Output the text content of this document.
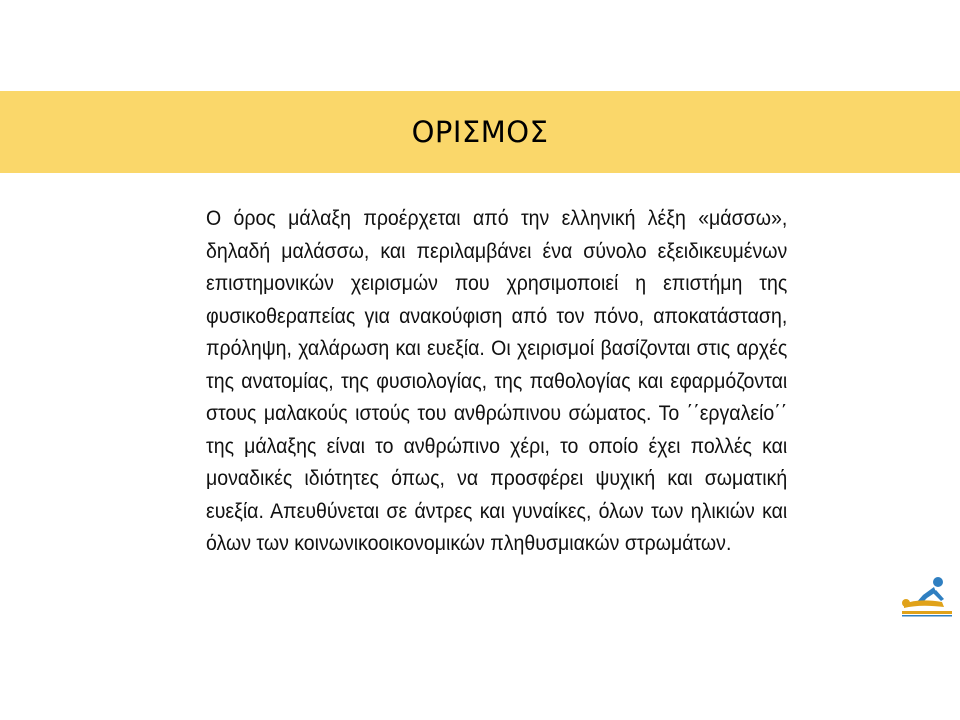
ΟΡΙΣΜΟΣ

Ο όρος μάλαξη προέρχεται από την ελληνική λέξη «μάσσω», δηλαδή μαλάσσω, και περιλαμβάνει ένα σύνολο εξειδικευμένων επιστημονικών χειρισμών που χρησιμοποιεί η επιστήμη της φυσικοθεραπείας για ανακούφιση από τον πόνο, αποκατάσταση, πρόληψη, χαλάρωση και ευεξία. Οι χειρισμοί βασίζονται στις αρχές της ανατομίας, της φυσιολογίας, της παθολογίας και εφαρμόζονται στους μαλακούς ιστούς του ανθρώπινου σώματος. Το ΄΄εργαλείο΄΄ της μάλαξης είναι το ανθρώπινο χέρι, το οποίο έχει πολλές και μοναδικές ιδιότητες όπως, να προσφέρει ψυχική και σωματική ευεξία. Απευθύνεται σε άντρες και γυναίκες, όλων των ηλικιών και όλων των κοινωνικοοικονομικών πληθυσμιακών στρωμάτων.
